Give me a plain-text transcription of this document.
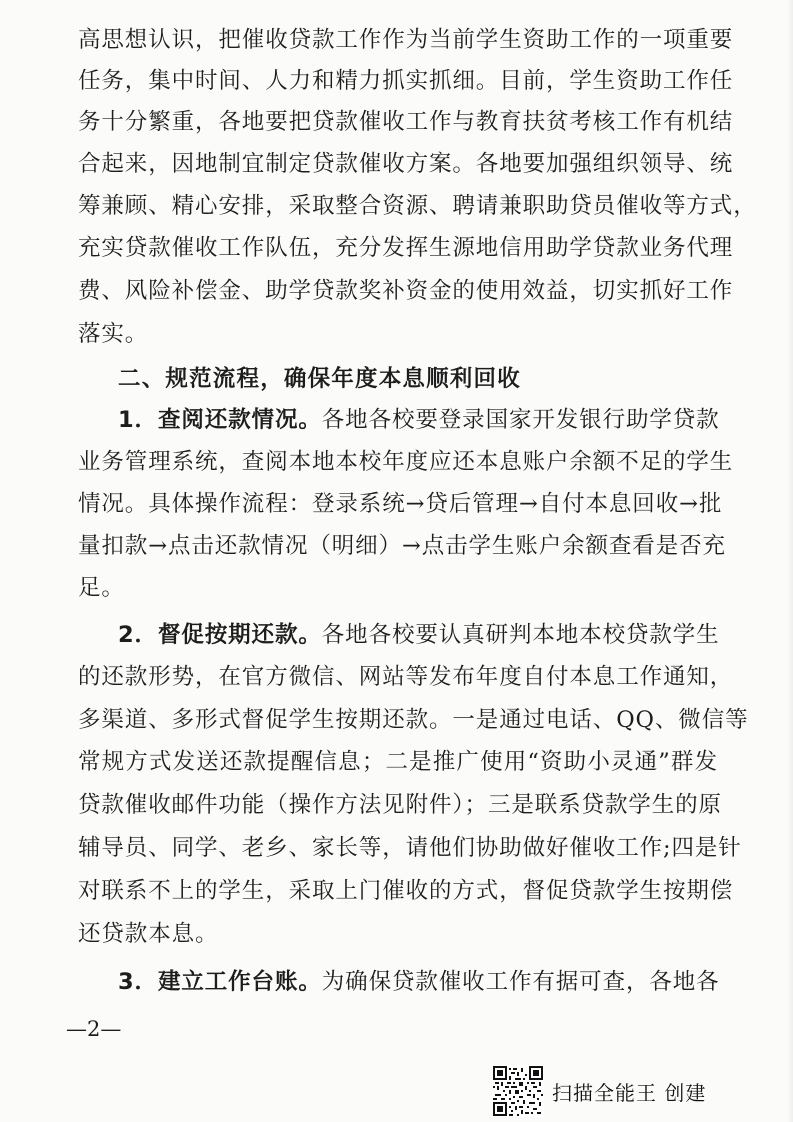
高思想认识，把催收贷款工作作为当前学生资助工作的一项重要
任务，集中时间、人力和精力抓实抓细。目前，学生资助工作任
务十分繁重，各地要把贷款催收工作与教育扶贫考核工作有机结
合起来，因地制宜制定贷款催收方案。各地要加强组织领导、统
筹兼顾、精心安排，采取整合资源、聘请兼职助贷员催收等方式，
充实贷款催收工作队伍，充分发挥生源地信用助学贷款业务代理
费、风险补偿金、助学贷款奖补资金的使用效益，切实抓好工作
落实。
二、规范流程，确保年度本息顺利回收
1．查阅还款情况。各地各校要登录国家开发银行助学贷款
业务管理系统，查阅本地本校年度应还本息账户余额不足的学生
情况。具体操作流程：登录系统→贷后管理→自付本息回收→批
量扣款→点击还款情况（明细）→点击学生账户余额查看是否充
足。
2．督促按期还款。各地各校要认真研判本地本校贷款学生
的还款形势，在官方微信、网站等发布年度自付本息工作通知，
多渠道、多形式督促学生按期还款。一是通过电话、QQ、微信等
常规方式发送还款提醒信息；二是推广使用“资助小灵通”群发
贷款催收邮件功能（操作方法见附件）；三是联系贷款学生的原
辅导员、同学、老乡、家长等，请他们协助做好催收工作;四是针
对联系不上的学生，采取上门催收的方式，督促贷款学生按期偿
还贷款本息。
3．建立工作台账。为确保贷款催收工作有据可查，各地各
—2—
扫描全能王 创建
